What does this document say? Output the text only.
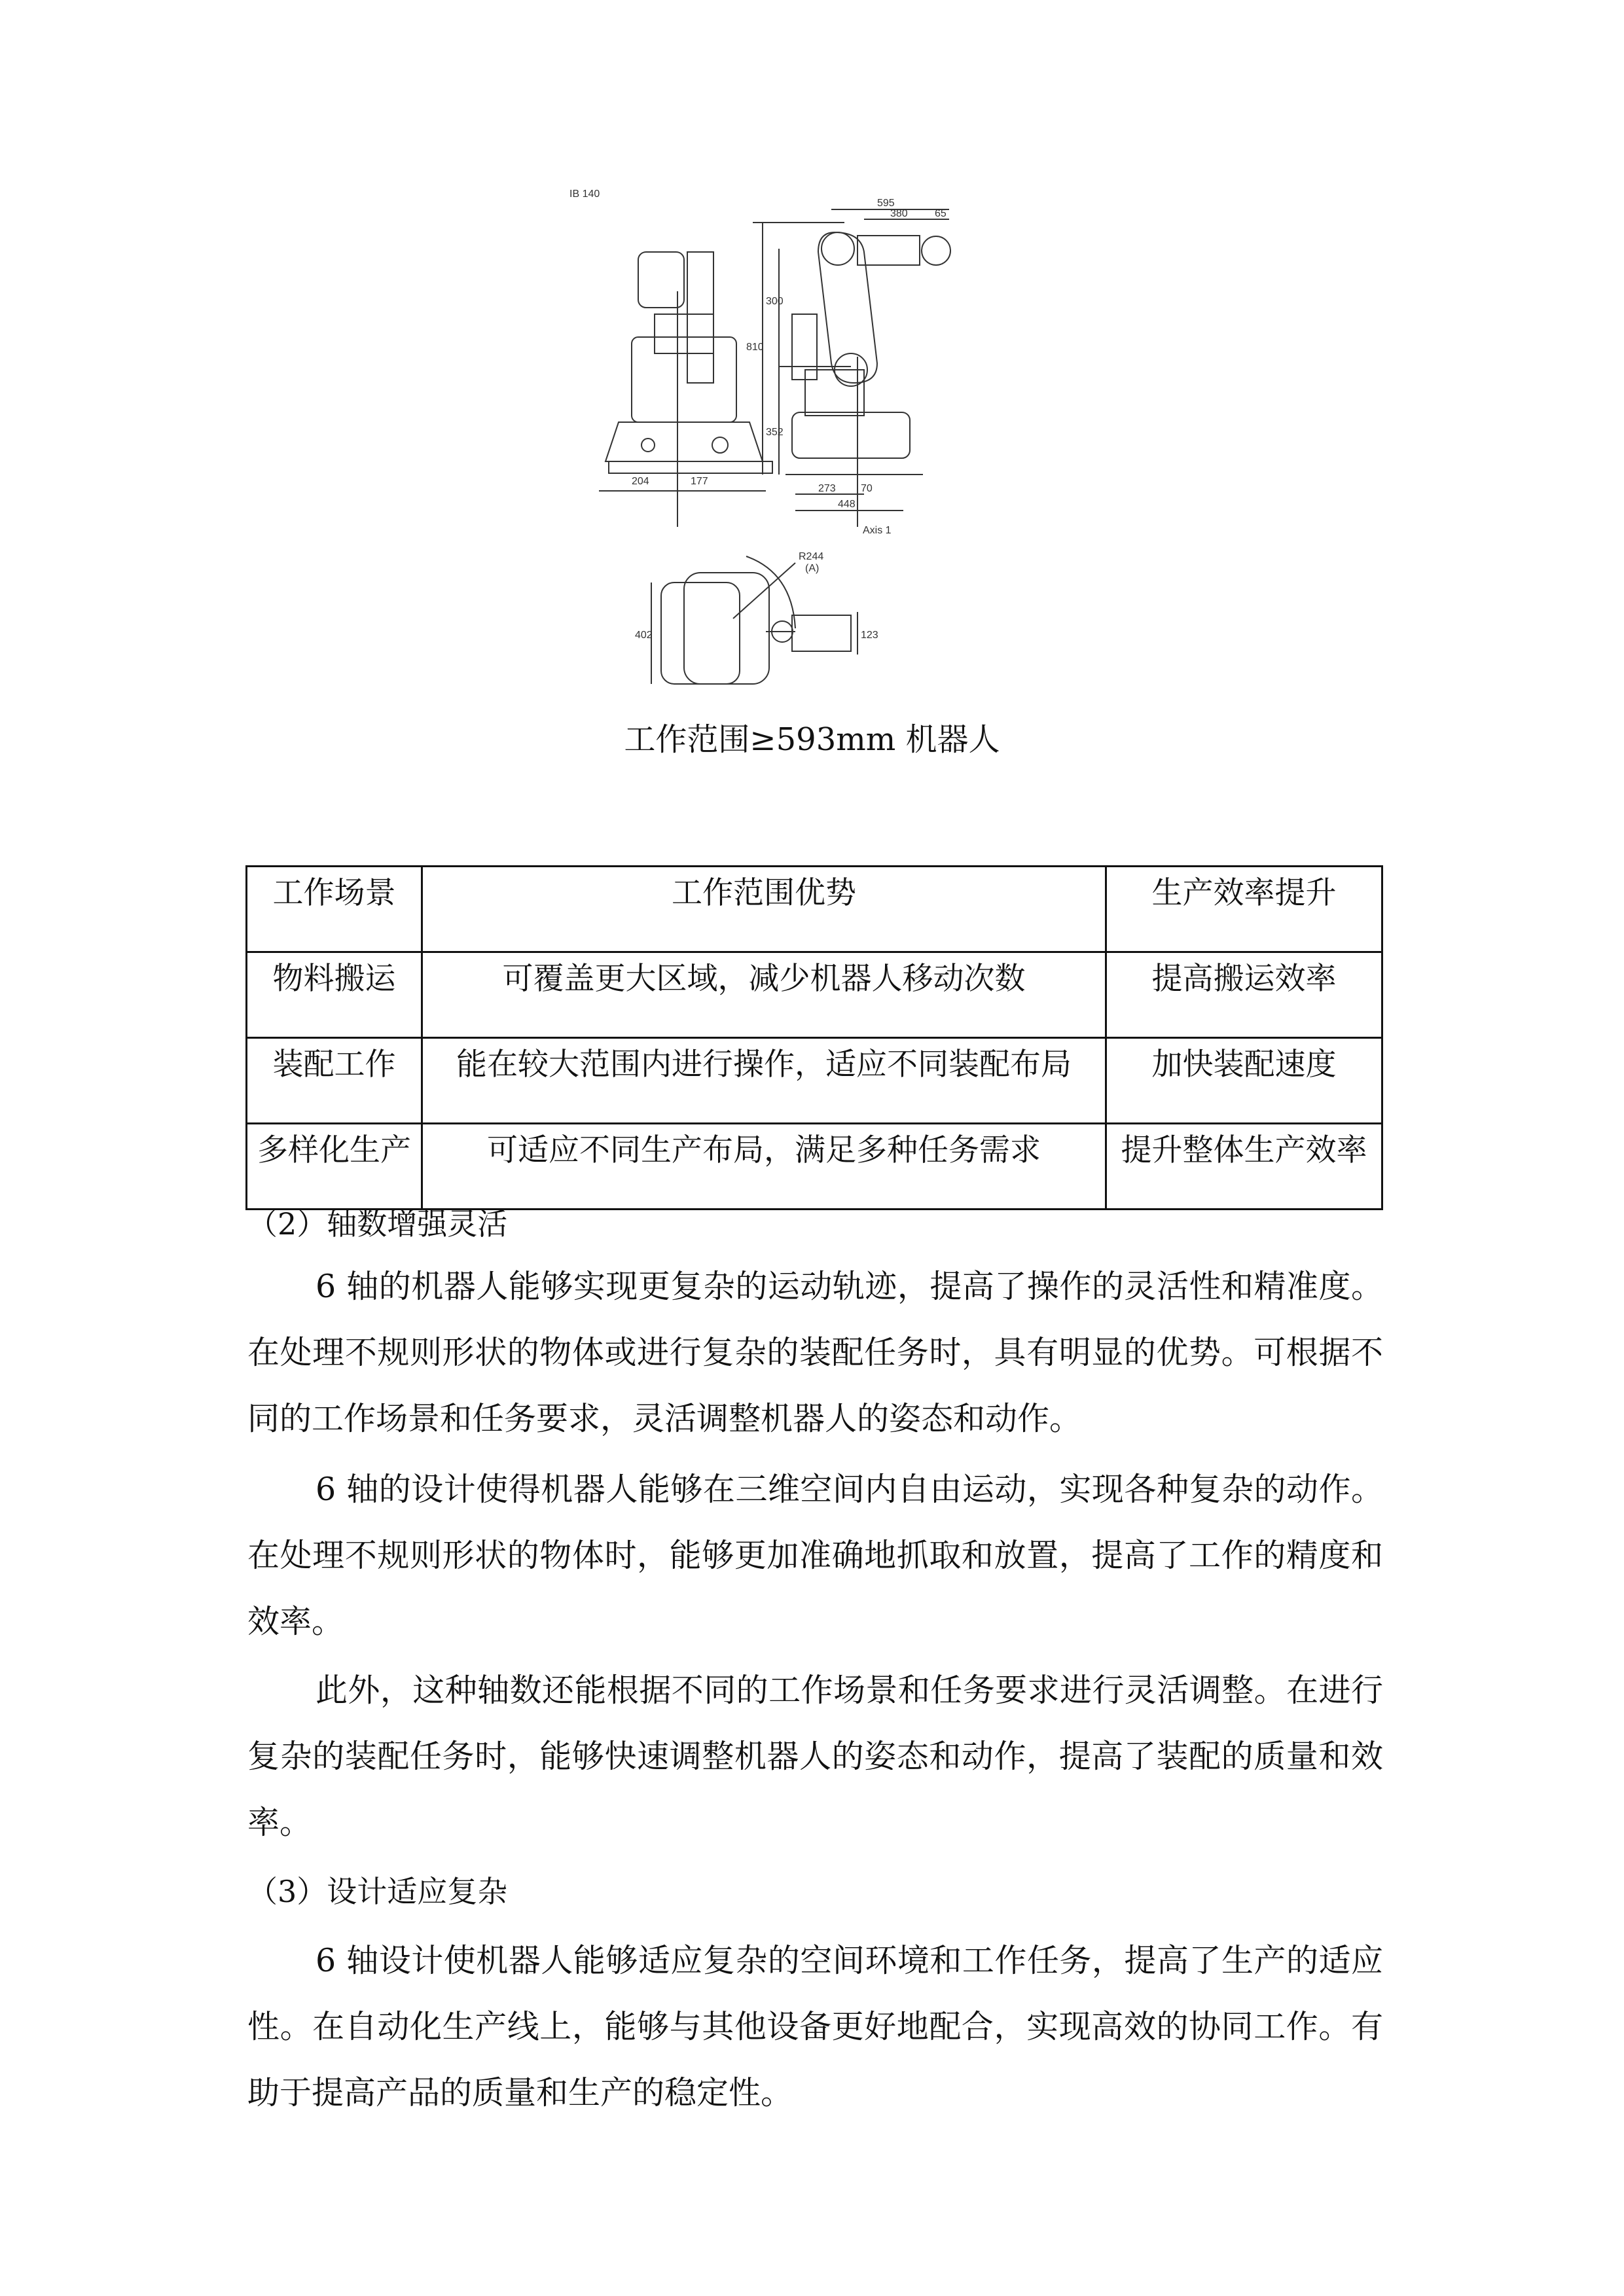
IB 140
204	177
595
380	65
810
300
352
273 70
448
Axis 1
R244
(A)
402	123
工作范围≥593mm 机器人
工作场景	工作范围优势	生产效率提升
物料搬运	可覆盖更大区域，减少机器人移动次数	提高搬运效率
装配工作	能在较大范围内进行操作，适应不同装配布局	加快装配速度
多样化生产	可适应不同生产布局，满足多种任务需求	提升整体生产效率
（2）轴数增强灵活
6 轴的机器人能够实现更复杂的运动轨迹，提高了操作的灵活性和精准度。在处理不规则形状的物体或进行复杂的装配任务时，具有明显的优势。可根据不同的工作场景和任务要求，灵活调整机器人的姿态和动作。
6 轴的设计使得机器人能够在三维空间内自由运动，实现各种复杂的动作。在处理不规则形状的物体时，能够更加准确地抓取和放置，提高了工作的精度和效率。
此外，这种轴数还能根据不同的工作场景和任务要求进行灵活调整。在进行复杂的装配任务时，能够快速调整机器人的姿态和动作，提高了装配的质量和效率。
（3）设计适应复杂
6 轴设计使机器人能够适应复杂的空间环境和工作任务，提高了生产的适应性。在自动化生产线上，能够与其他设备更好地配合，实现高效的协同工作。有助于提高产品的质量和生产的稳定性。
